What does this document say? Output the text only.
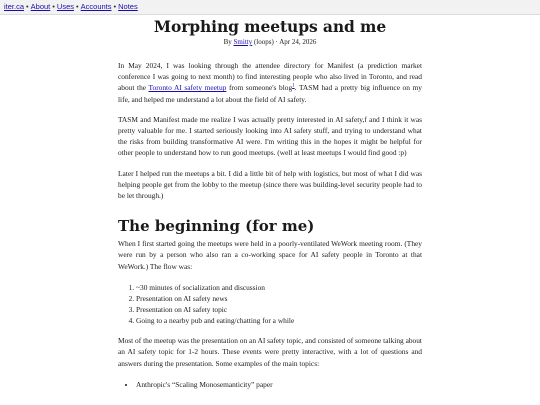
iter.ca • About • Uses • Accounts • Notes
Morphing meetups and me
By Smitty (loops) · Apr 24, 2026

In May 2024, I was looking through the attendee directory for Manifest (a prediction market conference I was going to next month) to find interesting people who also lived in Toronto, and read about the Toronto AI safety meetup from someone's blog$^1$. TASM had a pretty big influence on my life, and helped me understand a lot about the field of AI safety.

TASM and Manifest made me realize I was actually pretty interested in AI safety,f and I think it was pretty valuable for me. I started seriously looking into AI safety stuff, and trying to understand what the risks from building transformative AI were. I'm writing this in the hopes it might be helpful for other people to understand how to run good meetups. (well at least meetups I would find good :p)

Later I helped run the meetups a bit. I did a little bit of help with logistics, but most of what I did was helping people get from the lobby to the meetup (since there was building-level security people had to be let through.)

The beginning (for me)

When I first started going the meetups were held in a poorly-ventilated WeWork meeting room. (They were run by a person who also ran a co-working space for AI safety people in Toronto at that WeWork.) The flow was:

1. ~30 minutes of socialization and discussion
2. Presentation on AI safety news
3. Presentation on AI safety topic
4. Going to a nearby pub and eating/chatting for a while

Most of the meetup was the presentation on an AI safety topic, and consisted of someone talking about an AI safety topic for 1-2 hours. These events were pretty interactive, with a lot of questions and answers during the presentation. Some examples of the main topics:

• Anthropic's “Scaling Monosemanticity” paper
